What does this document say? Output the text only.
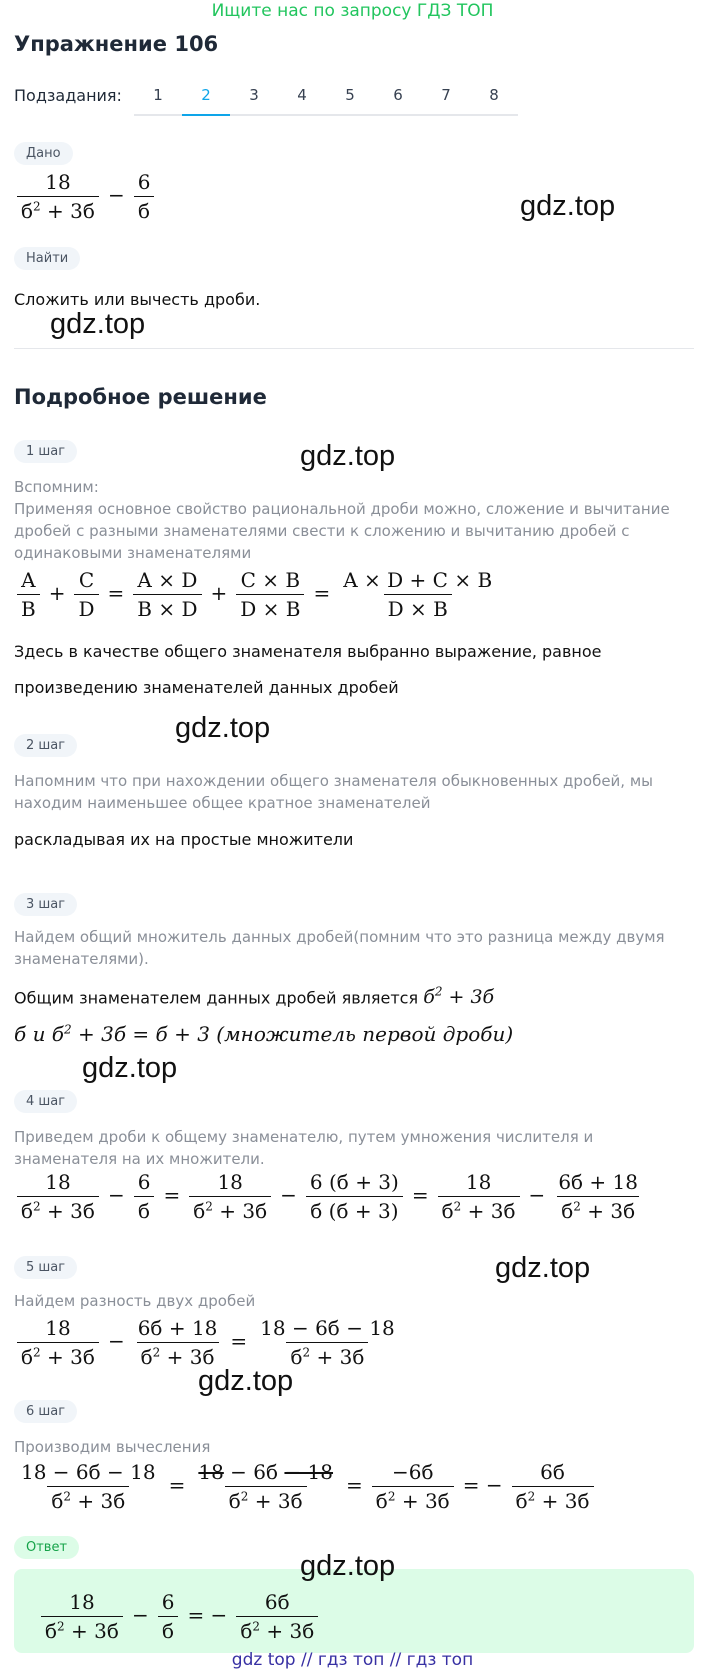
Ищите нас по запросу ГДЗ ТОП
Упражнение 106
Подзадания:	1	2	3	4	5	6	7	8
Дано
18
$б^2 + 3б$
−
6
б	gdz.top
Найти
Сложить или вычесть дроби.
gdz.top
Подробное решение
1 шаг	gdz.top
Вспомним:
Применяя основное свойство рациональной дроби можно, сложение и вычитание дробей с разными знаменателями свести к сложению и вычитанию дробей с одинаковыми знаменателями
$\frac{A}{B} + \frac{C}{D} = \frac{A \times D}{B \times D} + \frac{C \times B}{D \times B} = \frac{A \times D + C \times B}{D \times B}$
Здесь в качестве общего знаменателя выбранно выражение, равное
произведению знаменателей данных дробей
2 шаг
gdz.top
Напомним что при нахождении общего знаменателя обыкновенных дробей, мы находим наименьшее общее кратное знаменателей
раскладывая их на простые множители
3 шаг
Найдем общий множитель данных дробей(помним что это разница между двумя знаменателями).
Общим знаменателем данных дробей является $б^2 + 3б$
б и $б^2 + 3б = б + 3$ (множитель первой дроби)
gdz.top
4 шаг
Приведем дроби к общему знаменателю, путем умножения числителя и знаменателя на их множители.
18
$б^2 + 3б$
−
6
б
=
18
$б^2 + 3б$
−
6 (б + 3)
б (б + 3)
=
18
$б^2 + 3б$
−
6б + 18
$б^2 + 3б$
5 шаг	gdz.top
Найдем разность двух дробей
18
$б^2 + 3б$
−
6б + 18
$б^2 + 3б$
=
18 − 6б − 18
$б^2 + 3б$
gdz.top
6 шаг
Производим вычесления
18 − 6б − 18
$б^2 + 3б$
=
18 − 6б − 18
$б^2 + 3б$
=
−6б
$б^2 + 3б$
= −
6б
$б^2 + 3б$
Ответ
gdz.top
18
$б^2 + 3б$
−
6
б
= −
6б
$б^2 + 3б$
gdz top // гдз топ // гдз топ
